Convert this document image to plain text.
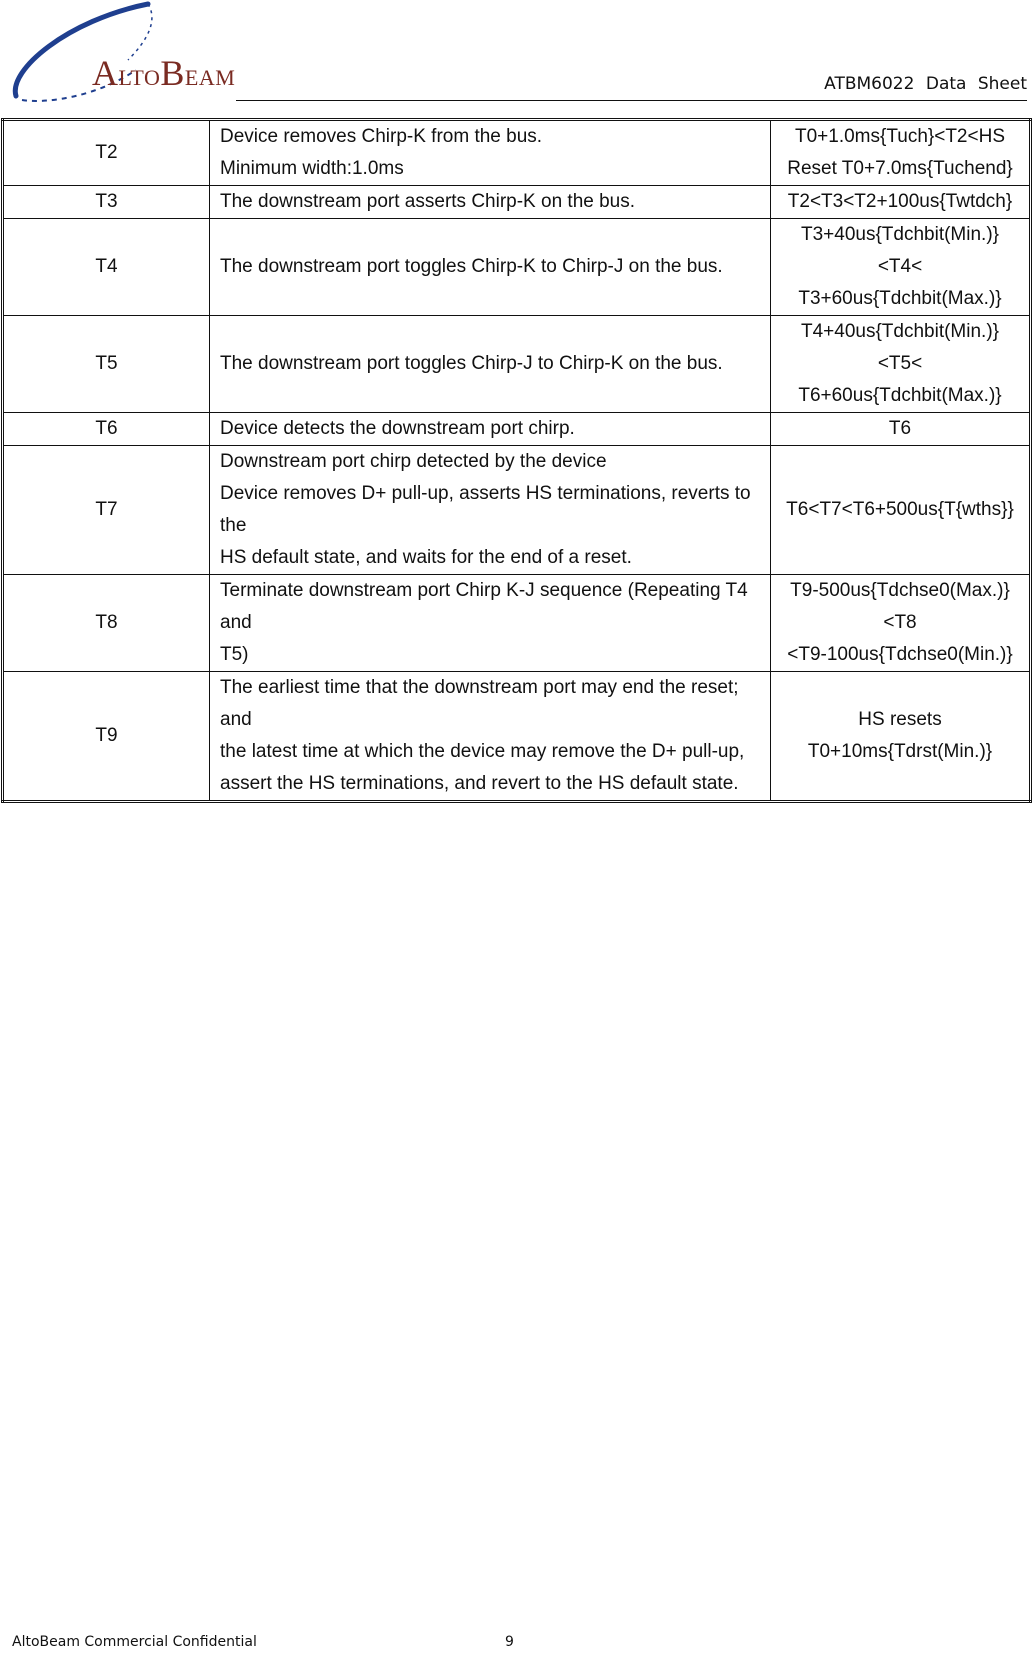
ALTOBEAM	ATBM6022 Data Sheet
T2	Device removes Chirp-K from the bus.
Minimum width:1.0ms	T0+1.0ms{Tuch}<T2<HS
Reset T0+7.0ms{Tuchend}

T3	The downstream port asserts Chirp-K on the bus.	T2<T3<T2+100us{Twtdch}

T4	The downstream port toggles Chirp-K to Chirp-J on the bus.	T3+40us{Tdchbit(Min.)}<T4<
T3+60us{Tdchbit(Max.)}

T5	The downstream port toggles Chirp-J to Chirp-K on the bus.	T4+40us{Tdchbit(Min.)}<T5<
T6+60us{Tdchbit(Max.)}

T6	Device detects the downstream port chirp.	T6

T7	Downstream port chirp detected by the device
Device removes D+ pull-up, asserts HS terminations, reverts to the
HS default state, and waits for the end of a reset.	T6<T7<T6+500us{T{wths}}

T8	Terminate downstream port Chirp K-J sequence (Repeating T4 and
T5)	T9-500us{Tdchse0(Max.)}<T8
<T9-100us{Tdchse0(Min.)}

T9	The earliest time that the downstream port may end the reset; and
the latest time at which the device may remove the D+ pull-up,
assert the HS terminations, and revert to the HS default state.	HS resets
T0+10ms{Tdrst(Min.)}
AltoBeam Commercial Confidential	9
